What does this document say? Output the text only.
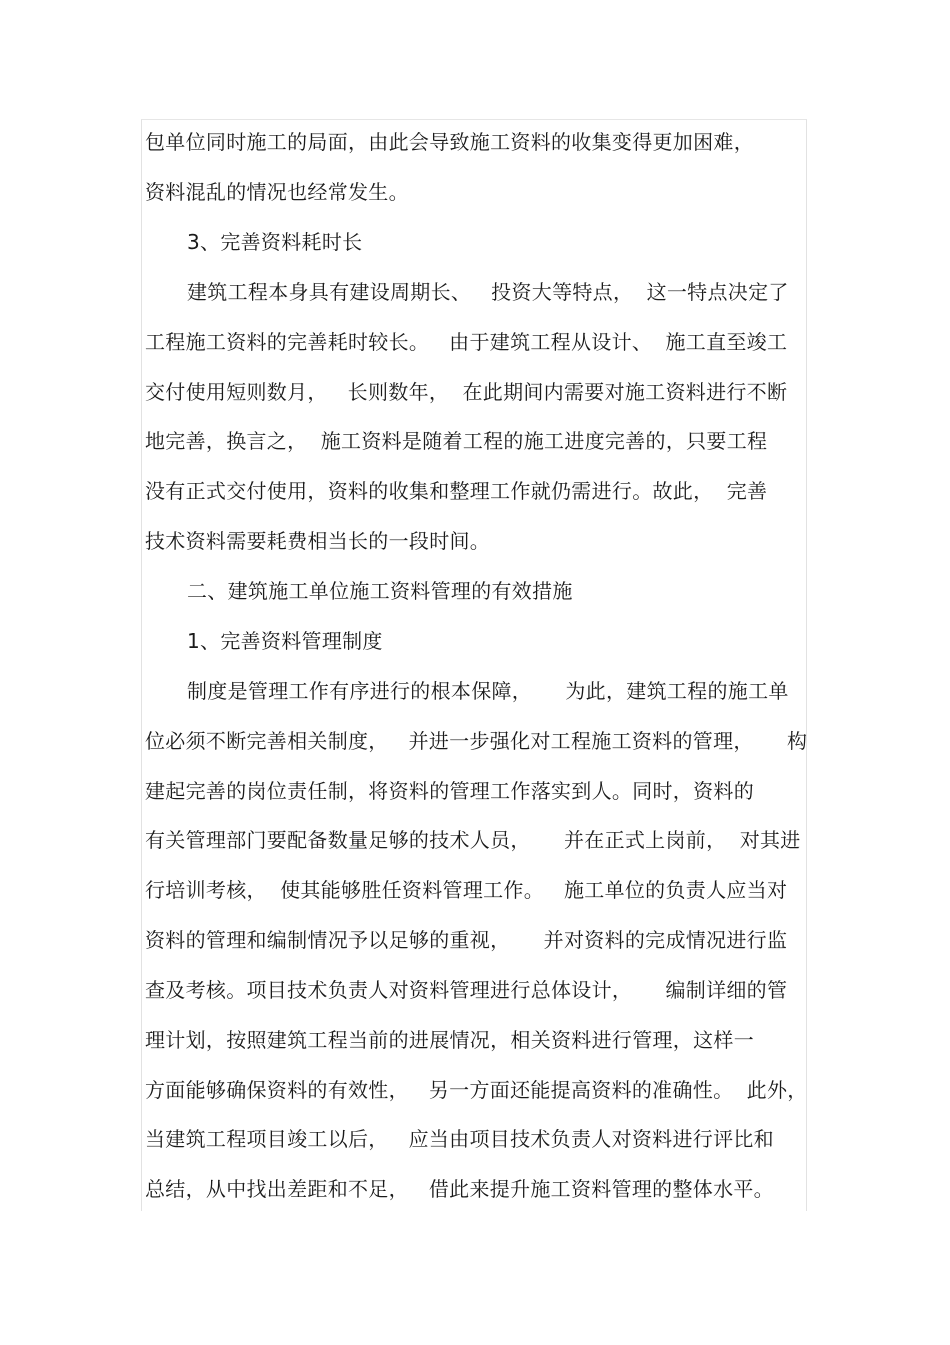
包单位同时施工的局面，由此会导致施工资料的收集变得更加困难，
资料混乱的情况也经常发生。
3、完善资料耗时长
建筑工程本身具有建设周期长、   投资大等特点，  这一特点决定了
工程施工资料的完善耗时较长。   由于建筑工程从设计、  施工直至竣工
交付使用短则数月，   长则数年，  在此期间内需要对施工资料进行不断
地完善，换言之，  施工资料是随着工程的施工进度完善的，只要工程
没有正式交付使用，资料的收集和整理工作就仍需进行。故此，  完善
技术资料需要耗费相当长的一段时间。
二、建筑施工单位施工资料管理的有效措施
1、完善资料管理制度
制度是管理工作有序进行的根本保障，     为此，建筑工程的施工单
位必须不断完善相关制度，   并进一步强化对工程施工资料的管理，     构
建起完善的岗位责任制，将资料的管理工作落实到人。同时，资料的
有关管理部门要配备数量足够的技术人员，     并在正式上岗前，  对其进
行培训考核，  使其能够胜任资料管理工作。   施工单位的负责人应当对
资料的管理和编制情况予以足够的重视，     并对资料的完成情况进行监
查及考核。项目技术负责人对资料管理进行总体设计，     编制详细的管
理计划，按照建筑工程当前的进展情况，相关资料进行管理，这样一
方面能够确保资料的有效性，   另一方面还能提高资料的准确性。  此外，
当建筑工程项目竣工以后，   应当由项目技术负责人对资料进行评比和
总结，从中找出差距和不足，   借此来提升施工资料管理的整体水平。
